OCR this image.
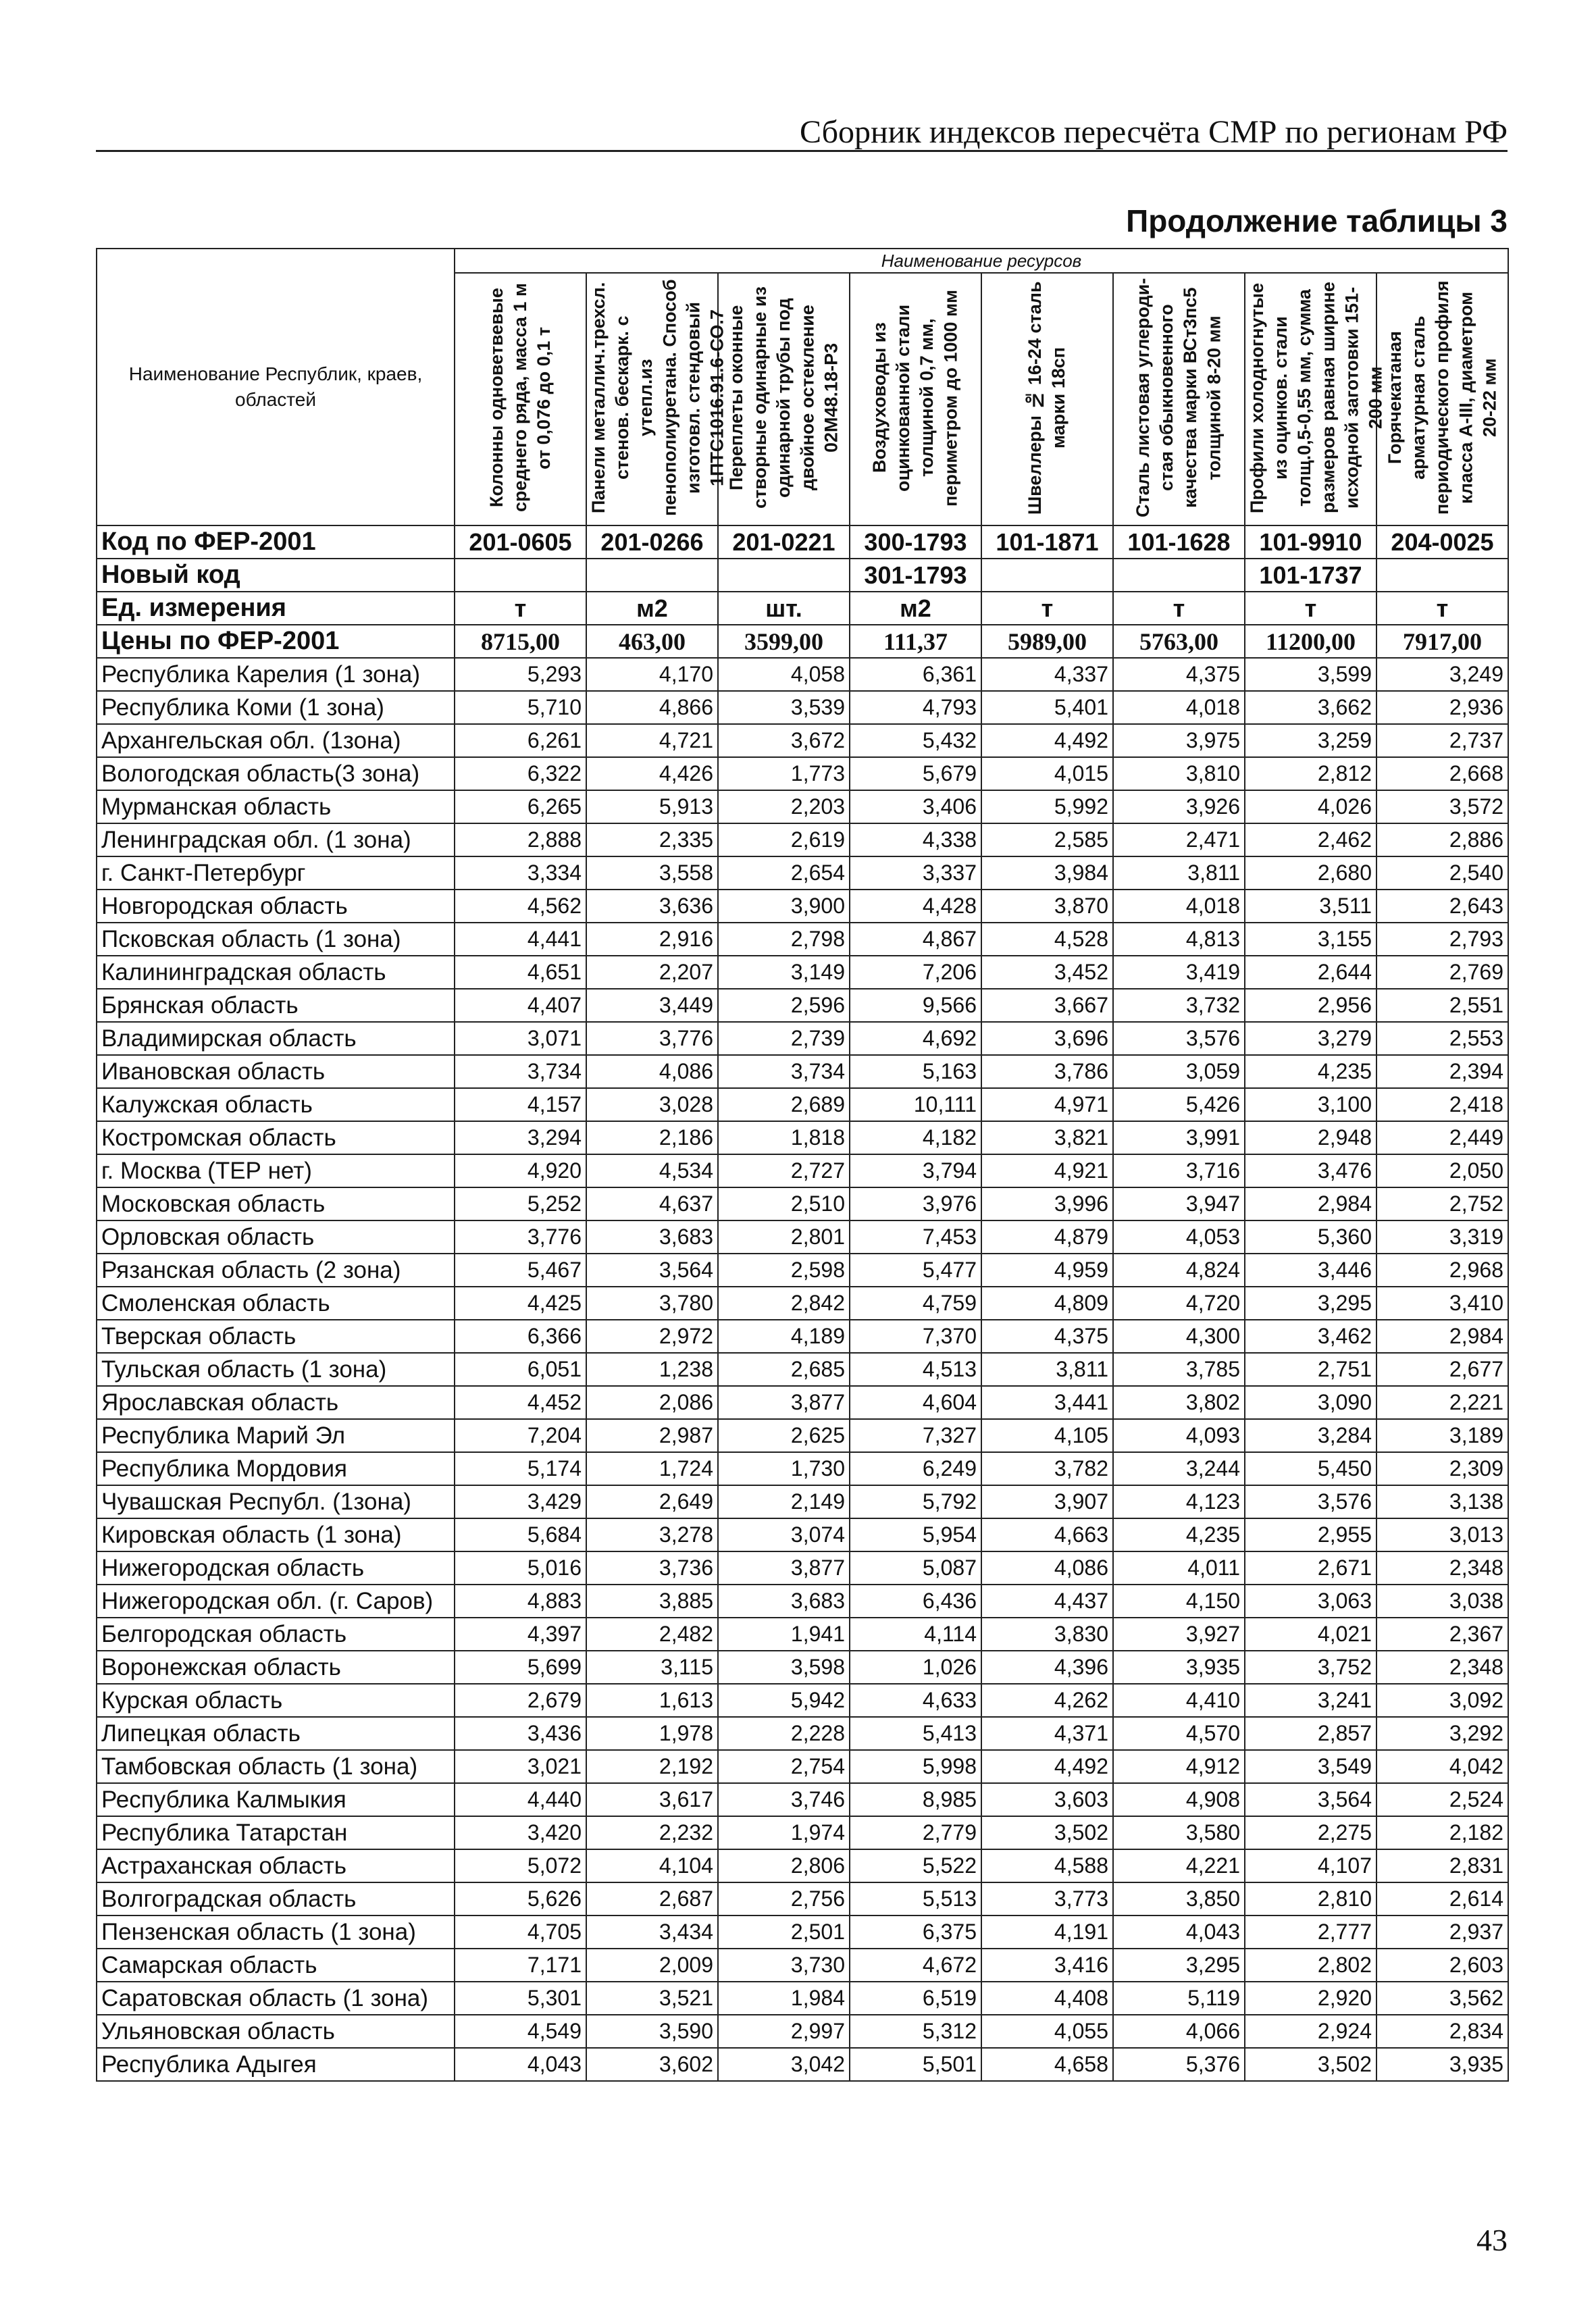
Сборник индексов пересчёта СМР по регионам РФ
Продолжение таблицы 3
Наименование Республик, краев, областей	Наименование ресурсов							
	Колонны одноветвевые среднего ряда, масса 1 м от 0,076 до 0,1 т	Панели металлич.трехсл. стенов. бескарк. с утепл.из пенополиуретана. Способ изготовл. стендовый 1ПТС1016.91.6-СО.7	Переплеты оконные створные одинарные из одинарной трубы под двойное остекление 02М48.18-Р3	Воздуховоды из оцинкованной стали толщиной 0,7 мм, периметром до 1000 мм	Швеллеры № 16-24 сталь марки 18сп	Сталь листовая углероди-стая обыкновенного качества марки ВСт3пс5 толщиной 8-20 мм	Профили холодногнутые из оцинков. стали толщ.0,5-0,55 мм, сумма размеров равная ширине исходной заготовки 151-200 мм	Горячекатаная арматурная сталь периодического профиля класса А-III, диаметром 20-22 мм
Код по ФЕР-2001	201-0605	201-0266	201-0221	300-1793	101-1871	101-1628	101-9910	204-0025
Новый код				301-1793			101-1737	
Ед. измерения	т	м2	шт.	м2	т	т	т	т
Цены по ФЕР-2001	8715,00	463,00	3599,00	111,37	5989,00	5763,00	11200,00	7917,00
Республика Карелия (1 зона)	5,293	4,170	4,058	6,361	4,337	4,375	3,599	3,249
Республика Коми (1 зона)	5,710	4,866	3,539	4,793	5,401	4,018	3,662	2,936
Архангельская обл. (1зона)	6,261	4,721	3,672	5,432	4,492	3,975	3,259	2,737
Вологодская область(3 зона)	6,322	4,426	1,773	5,679	4,015	3,810	2,812	2,668
Мурманская область	6,265	5,913	2,203	3,406	5,992	3,926	4,026	3,572
Ленинградская обл. (1 зона)	2,888	2,335	2,619	4,338	2,585	2,471	2,462	2,886
г. Санкт-Петербург	3,334	3,558	2,654	3,337	3,984	3,811	2,680	2,540
Новгородская область	4,562	3,636	3,900	4,428	3,870	4,018	3,511	2,643
Псковская область (1 зона)	4,441	2,916	2,798	4,867	4,528	4,813	3,155	2,793
Калининградская область	4,651	2,207	3,149	7,206	3,452	3,419	2,644	2,769
Брянская область	4,407	3,449	2,596	9,566	3,667	3,732	2,956	2,551
Владимирская область	3,071	3,776	2,739	4,692	3,696	3,576	3,279	2,553
Ивановская область	3,734	4,086	3,734	5,163	3,786	3,059	4,235	2,394
Калужская область	4,157	3,028	2,689	10,111	4,971	5,426	3,100	2,418
Костромская область	3,294	2,186	1,818	4,182	3,821	3,991	2,948	2,449
г. Москва (ТЕР нет)	4,920	4,534	2,727	3,794	4,921	3,716	3,476	2,050
Московская область	5,252	4,637	2,510	3,976	3,996	3,947	2,984	2,752
Орловская область	3,776	3,683	2,801	7,453	4,879	4,053	5,360	3,319
Рязанская область (2 зона)	5,467	3,564	2,598	5,477	4,959	4,824	3,446	2,968
Смоленская область	4,425	3,780	2,842	4,759	4,809	4,720	3,295	3,410
Тверская область	6,366	2,972	4,189	7,370	4,375	4,300	3,462	2,984
Тульская область (1 зона)	6,051	1,238	2,685	4,513	3,811	3,785	2,751	2,677
Ярославская область	4,452	2,086	3,877	4,604	3,441	3,802	3,090	2,221
Республика Марий Эл	7,204	2,987	2,625	7,327	4,105	4,093	3,284	3,189
Республика Мордовия	5,174	1,724	1,730	6,249	3,782	3,244	5,450	2,309
Чувашская Республ. (1зона)	3,429	2,649	2,149	5,792	3,907	4,123	3,576	3,138
Кировская область (1 зона)	5,684	3,278	3,074	5,954	4,663	4,235	2,955	3,013
Нижегородская область	5,016	3,736	3,877	5,087	4,086	4,011	2,671	2,348
Нижегородская обл. (г. Саров)	4,883	3,885	3,683	6,436	4,437	4,150	3,063	3,038
Белгородская область	4,397	2,482	1,941	4,114	3,830	3,927	4,021	2,367
Воронежская область	5,699	3,115	3,598	1,026	4,396	3,935	3,752	2,348
Курская область	2,679	1,613	5,942	4,633	4,262	4,410	3,241	3,092
Липецкая область	3,436	1,978	2,228	5,413	4,371	4,570	2,857	3,292
Тамбовская область (1 зона)	3,021	2,192	2,754	5,998	4,492	4,912	3,549	4,042
Республика Калмыкия	4,440	3,617	3,746	8,985	3,603	4,908	3,564	2,524
Республика Татарстан	3,420	2,232	1,974	2,779	3,502	3,580	2,275	2,182
Астраханская область	5,072	4,104	2,806	5,522	4,588	4,221	4,107	2,831
Волгоградская область	5,626	2,687	2,756	5,513	3,773	3,850	2,810	2,614
Пензенская область (1 зона)	4,705	3,434	2,501	6,375	4,191	4,043	2,777	2,937
Самарская область	7,171	2,009	3,730	4,672	3,416	3,295	2,802	2,603
Саратовская область (1 зона)	5,301	3,521	1,984	6,519	4,408	5,119	2,920	3,562
Ульяновская область	4,549	3,590	2,997	5,312	4,055	4,066	2,924	2,834
Республика Адыгея	4,043	3,602	3,042	5,501	4,658	5,376	3,502	3,935
43
